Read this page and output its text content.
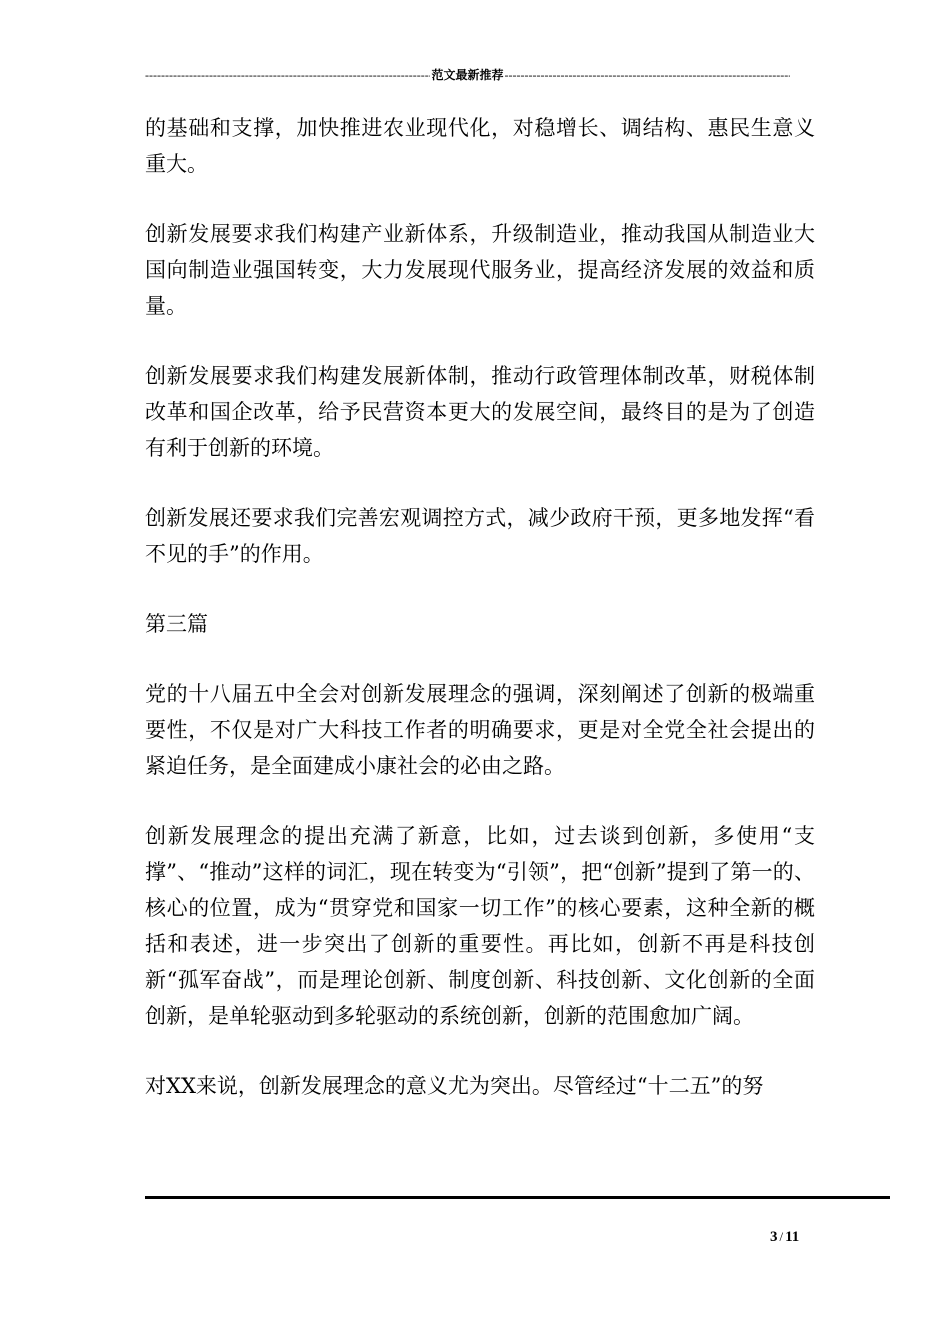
-----
范文最新推荐
-----

的基础和支撑，加快推进农业现代化，对稳增长、调结构、惠民生意义重大。

创新发展要求我们构建产业新体系，升级制造业，推动我国从制造业大国向制造业强国转变，大力发展现代服务业，提高经济发展的效益和质量。

创新发展要求我们构建发展新体制，推动行政管理体制改革，财税体制改革和国企改革，给予民营资本更大的发展空间，最终目的是为了创造有利于创新的环境。

创新发展还要求我们完善宏观调控方式，减少政府干预，更多地发挥“看不见的手”的作用。

第三篇

党的十八届五中全会对创新发展理念的强调，深刻阐述了创新的极端重要性，不仅是对广大科技工作者的明确要求，更是对全党全社会提出的紧迫任务，是全面建成小康社会的必由之路。

创新发展理念的提出充满了新意，比如，过去谈到创新，多使用“支撑”、“推动”这样的词汇，现在转变为“引领”，把“创新”提到了第一的、核心的位置，成为“贯穿党和国家一切工作”的核心要素，这种全新的概括和表述，进一步突出了创新的重要性。再比如，创新不再是科技创新“孤军奋战”，而是理论创新、制度创新、科技创新、文化创新的全面创新，是单轮驱动到多轮驱动的系统创新，创新的范围愈加广阔。

对XX来说，创新发展理念的意义尤为突出。尽管经过“十二五”的努

3 / 11
